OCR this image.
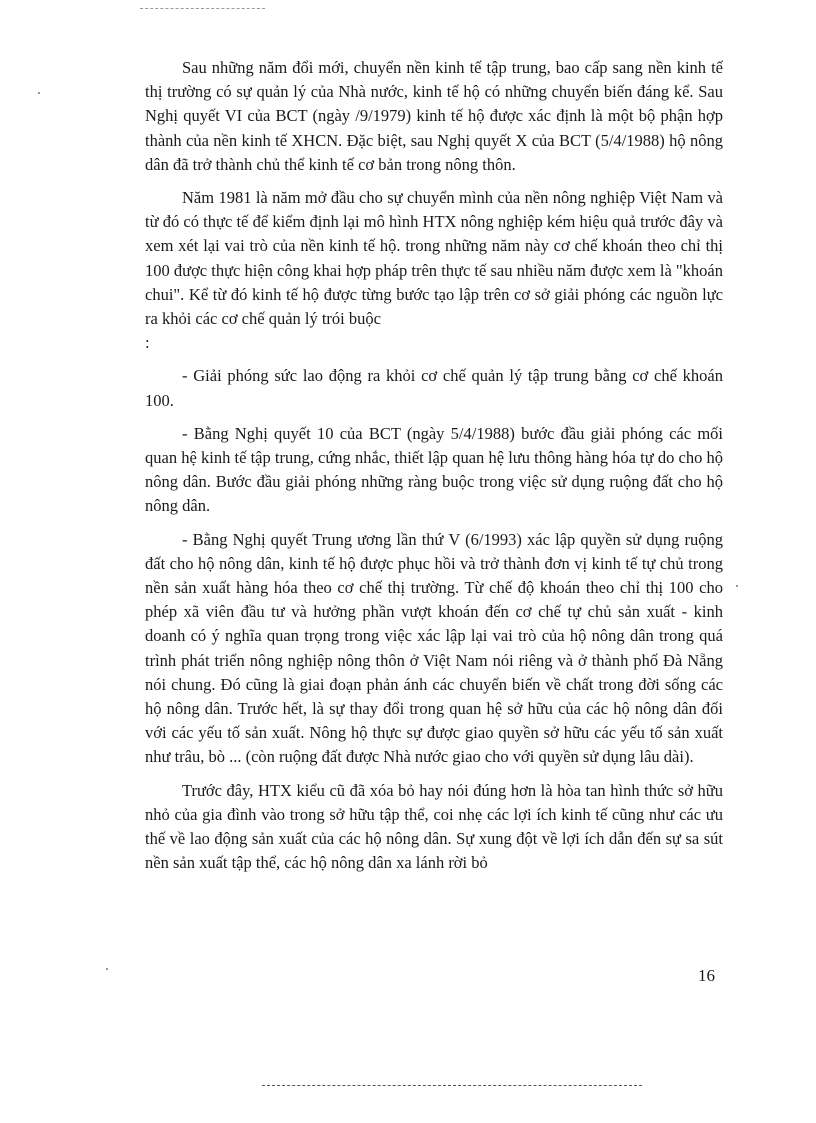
Sau những năm đổi mới, chuyển nền kinh tế tập trung, bao cấp sang nền kinh tế thị trường có sự quản lý của Nhà nước, kinh tế hộ có những chuyển biến đáng kể. Sau Nghị quyết VI của BCT (ngày /9/1979) kinh tế hộ được xác định là một bộ phận hợp thành của nền kinh tế XHCN. Đặc biệt, sau Nghị quyết X của BCT (5/4/1988) hộ nông dân đã trở thành chủ thể kinh tế cơ bản trong nông thôn.

Năm 1981 là năm mở đầu cho sự chuyển mình của nền nông nghiệp Việt Nam và từ đó có thực tế để kiểm định lại mô hình HTX nông nghiệp kém hiệu quả trước đây và xem xét lại vai trò của nền kinh tế hộ. trong những năm này cơ chế khoán theo chỉ thị 100 được thực hiện công khai hợp pháp trên thực tế sau nhiều năm được xem là "khoán chui". Kể từ đó kinh tế hộ được từng bước tạo lập trên cơ sở giải phóng các nguồn lực ra khỏi các cơ chế quản lý trói buộc

:

- Giải phóng sức lao động ra khỏi cơ chế quản lý tập trung bằng cơ chế khoán 100.

- Bằng Nghị quyết 10 của BCT (ngày 5/4/1988) bước đầu giải phóng các mối quan hệ kinh tế tập trung, cứng nhắc, thiết lập quan hệ lưu thông hàng hóa tự do cho hộ nông dân. Bước đầu giải phóng những ràng buộc trong việc sử dụng ruộng đất cho hộ nông dân.

- Bằng Nghị quyết Trung ương lần thứ V (6/1993) xác lập quyền sử dụng ruộng đất cho hộ nông dân, kinh tế hộ được phục hồi và trở thành đơn vị kinh tế tự chủ trong nền sản xuất hàng hóa theo cơ chế thị trường. Từ chế độ khoán theo chỉ thị 100 cho phép xã viên đầu tư và hưởng phần vượt khoán đến cơ chế tự chủ sản xuất - kinh doanh có ý nghĩa quan trọng trong việc xác lập lại vai trò của hộ nông dân trong quá trình phát triển nông nghiệp nông thôn ở Việt Nam nói riêng và ở thành phố Đà Nẵng nói chung. Đó cũng là giai đoạn phản ánh các chuyển biến về chất trong đời sống các hộ nông dân. Trước hết, là sự thay đổi trong quan hệ sở hữu của các hộ nông dân đối với các yếu tố sản xuất. Nông hộ thực sự được giao quyền sở hữu các yếu tố sản xuất như trâu, bò ... (còn ruộng đất được Nhà nước giao cho với quyền sử dụng lâu dài).

Trước đây, HTX kiểu cũ đã xóa bỏ hay nói đúng hơn là hòa tan hình thức sở hữu nhỏ của gia đình vào trong sở hữu tập thể, coi nhẹ các lợi ích kinh tế cũng như các ưu thế về lao động sản xuất của các hộ nông dân. Sự xung đột về lợi ích dẫn đến sự sa sút nền sản xuất tập thể, các hộ nông dân xa lánh rời bỏ

16
